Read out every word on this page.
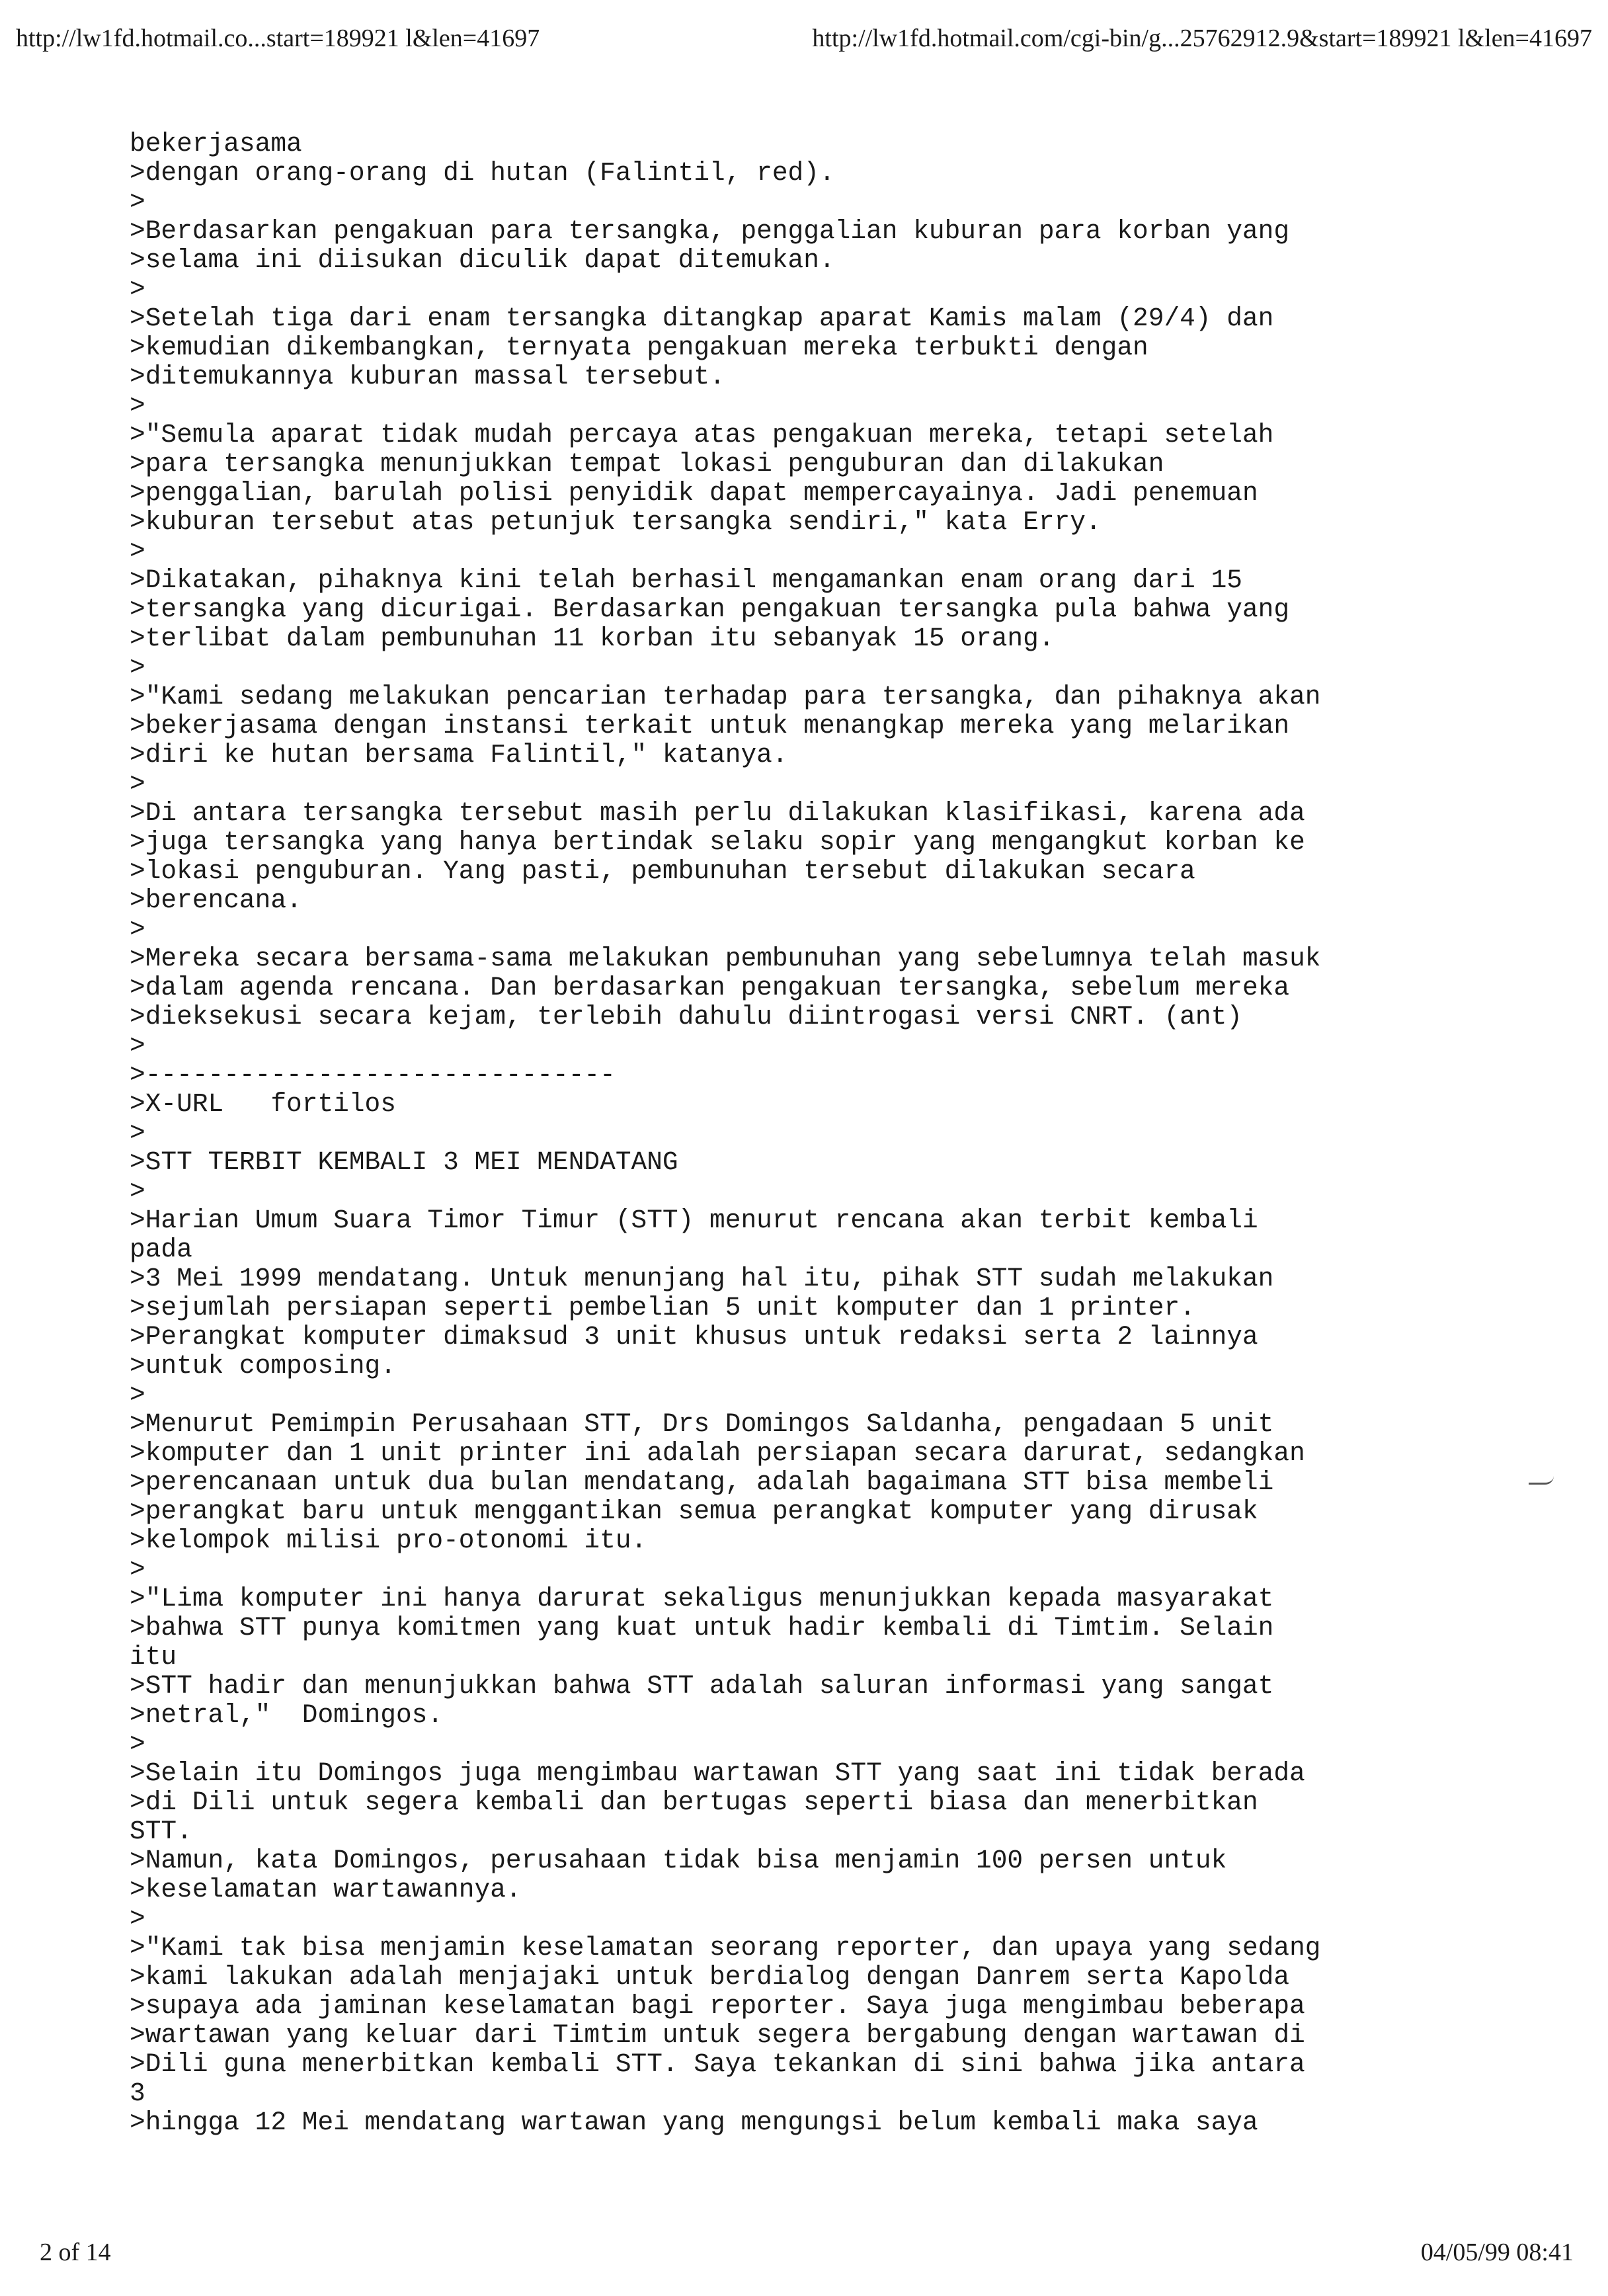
http://lw1fd.hotmail.co...start=189921 l&len=41697	http://lw1fd.hotmail.com/cgi-bin/g...25762912.9&start=189921 l&len=41697
bekerjasama
>dengan orang-orang di hutan (Falintil, red).
>
>Berdasarkan pengakuan para tersangka, penggalian kuburan para korban yang
>selama ini diisukan diculik dapat ditemukan.
>
>Setelah tiga dari enam tersangka ditangkap aparat Kamis malam (29/4) dan
>kemudian dikembangkan, ternyata pengakuan mereka terbukti dengan
>ditemukannya kuburan massal tersebut.
>
>"Semula aparat tidak mudah percaya atas pengakuan mereka, tetapi setelah
>para tersangka menunjukkan tempat lokasi penguburan dan dilakukan
>penggalian, barulah polisi penyidik dapat mempercayainya. Jadi penemuan
>kuburan tersebut atas petunjuk tersangka sendiri," kata Erry.
>
>Dikatakan, pihaknya kini telah berhasil mengamankan enam orang dari 15
>tersangka yang dicurigai. Berdasarkan pengakuan tersangka pula bahwa yang
>terlibat dalam pembunuhan 11 korban itu sebanyak 15 orang.
>
>"Kami sedang melakukan pencarian terhadap para tersangka, dan pihaknya akan
>bekerjasama dengan instansi terkait untuk menangkap mereka yang melarikan
>diri ke hutan bersama Falintil," katanya.
>
>Di antara tersangka tersebut masih perlu dilakukan klasifikasi, karena ada
>juga tersangka yang hanya bertindak selaku sopir yang mengangkut korban ke
>lokasi penguburan. Yang pasti, pembunuhan tersebut dilakukan secara
>berencana.
>
>Mereka secara bersama-sama melakukan pembunuhan yang sebelumnya telah masuk
>dalam agenda rencana. Dan berdasarkan pengakuan tersangka, sebelum mereka
>dieksekusi secara kejam, terlebih dahulu diintrogasi versi CNRT. (ant)
>
>------------------------------
>X-URL   fortilos
>
>STT TERBIT KEMBALI 3 MEI MENDATANG
>
>Harian Umum Suara Timor Timur (STT) menurut rencana akan terbit kembali
pada
>3 Mei 1999 mendatang. Untuk menunjang hal itu, pihak STT sudah melakukan
>sejumlah persiapan seperti pembelian 5 unit komputer dan 1 printer.
>Perangkat komputer dimaksud 3 unit khusus untuk redaksi serta 2 lainnya
>untuk composing.
>
>Menurut Pemimpin Perusahaan STT, Drs Domingos Saldanha, pengadaan 5 unit
>komputer dan 1 unit printer ini adalah persiapan secara darurat, sedangkan
>perencanaan untuk dua bulan mendatang, adalah bagaimana STT bisa membeli
>perangkat baru untuk menggantikan semua perangkat komputer yang dirusak
>kelompok milisi pro-otonomi itu.
>
>"Lima komputer ini hanya darurat sekaligus menunjukkan kepada masyarakat
>bahwa STT punya komitmen yang kuat untuk hadir kembali di Timtim. Selain
itu
>STT hadir dan menunjukkan bahwa STT adalah saluran informasi yang sangat
>netral,"  Domingos.
>
>Selain itu Domingos juga mengimbau wartawan STT yang saat ini tidak berada
>di Dili untuk segera kembali dan bertugas seperti biasa dan menerbitkan
STT.
>Namun, kata Domingos, perusahaan tidak bisa menjamin 100 persen untuk
>keselamatan wartawannya.
>
>"Kami tak bisa menjamin keselamatan seorang reporter, dan upaya yang sedang
>kami lakukan adalah menjajaki untuk berdialog dengan Danrem serta Kapolda
>supaya ada jaminan keselamatan bagi reporter. Saya juga mengimbau beberapa
>wartawan yang keluar dari Timtim untuk segera bergabung dengan wartawan di
>Dili guna menerbitkan kembali STT. Saya tekankan di sini bahwa jika antara
3
>hingga 12 Mei mendatang wartawan yang mengungsi belum kembali maka saya
2 of 14	04/05/99 08:41
